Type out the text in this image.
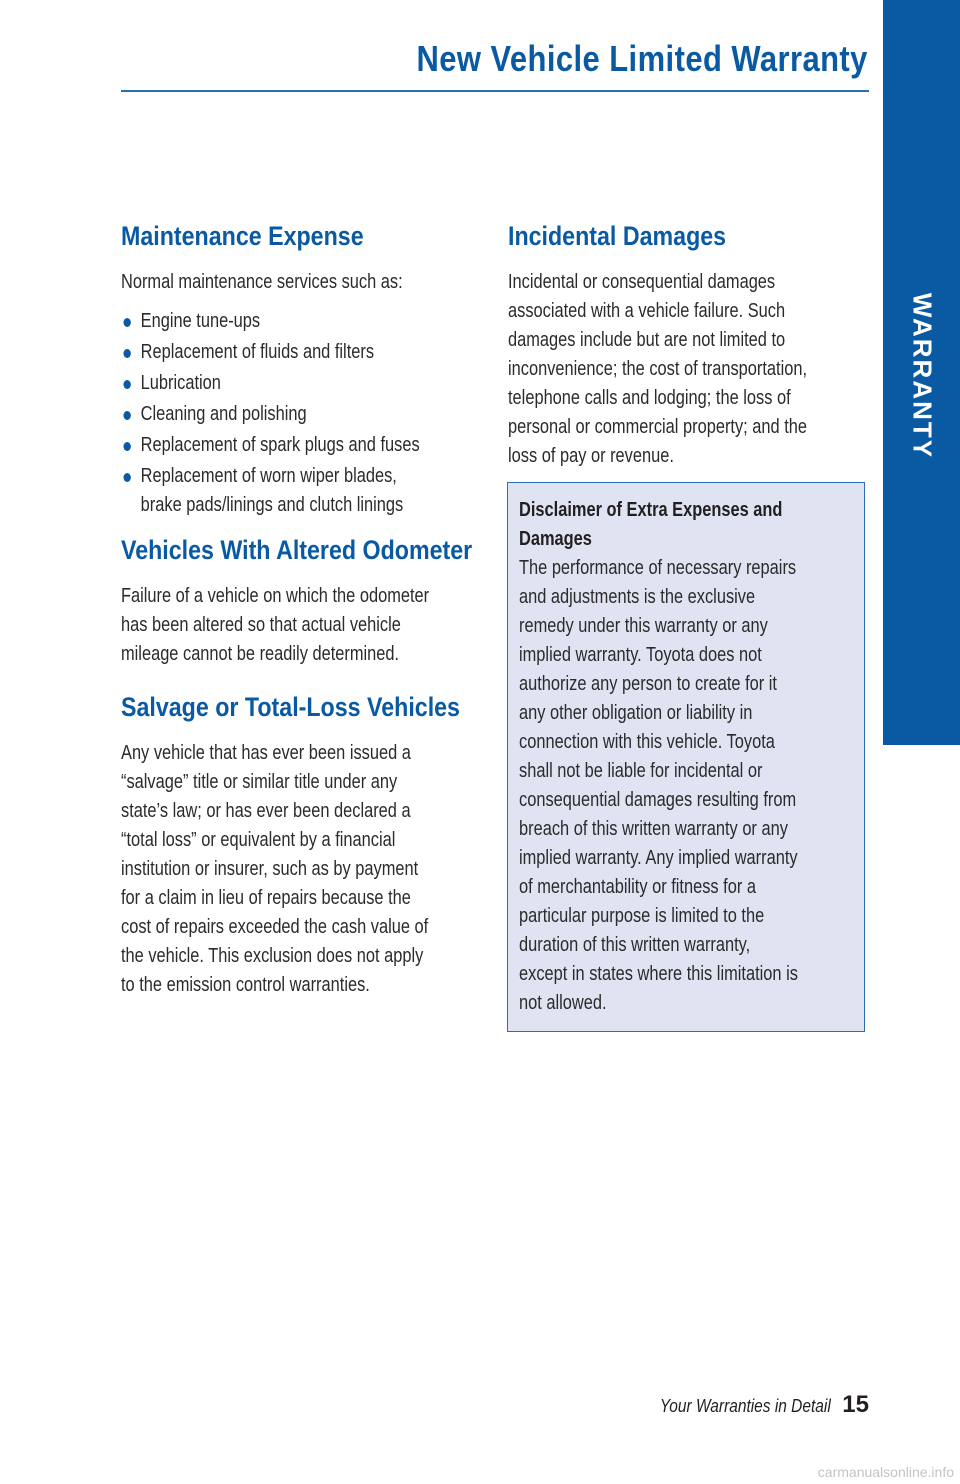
New Vehicle Limited Warranty
WARRANTY
Maintenance Expense

Normal maintenance services such as:

Engine tune-ups
Replacement of fluids and filters
Lubrication
Cleaning and polishing
Replacement of spark plugs and fuses
Replacement of worn wiper blades,
brake pads/linings and clutch linings
Vehicles With Altered Odometer

Failure of a vehicle on which the odometer

has been altered so that actual vehicle

mileage cannot be readily determined.

Salvage or Total-Loss Vehicles

Any vehicle that has ever been issued a

“salvage” title or similar title under any

state’s law; or has ever been declared a

“total loss” or equivalent by a financial

institution or insurer, such as by payment

for a claim in lieu of repairs because the

cost of repairs exceeded the cash value of

the vehicle. This exclusion does not apply

to the emission control warranties.

Incidental Damages

Incidental or consequential damages

associated with a vehicle failure. Such

damages include but are not limited to

inconvenience; the cost of transportation,

telephone calls and lodging; the loss of

personal or commercial property; and the

loss of pay or revenue.

Disclaimer of Extra Expenses and

Damages

The performance of necessary repairs

and adjustments is the exclusive

remedy under this warranty or any

implied warranty. Toyota does not

authorize any person to create for it

any other obligation or liability in

connection with this vehicle. Toyota

shall not be liable for incidental or

consequential damages resulting from

breach of this written warranty or any

implied warranty. Any implied warranty

of merchantability or fitness for a

particular purpose is limited to the

duration of this written warranty,

except in states where this limitation is

not allowed.

Your Warranties in Detail 15
carmanualsonline.info
